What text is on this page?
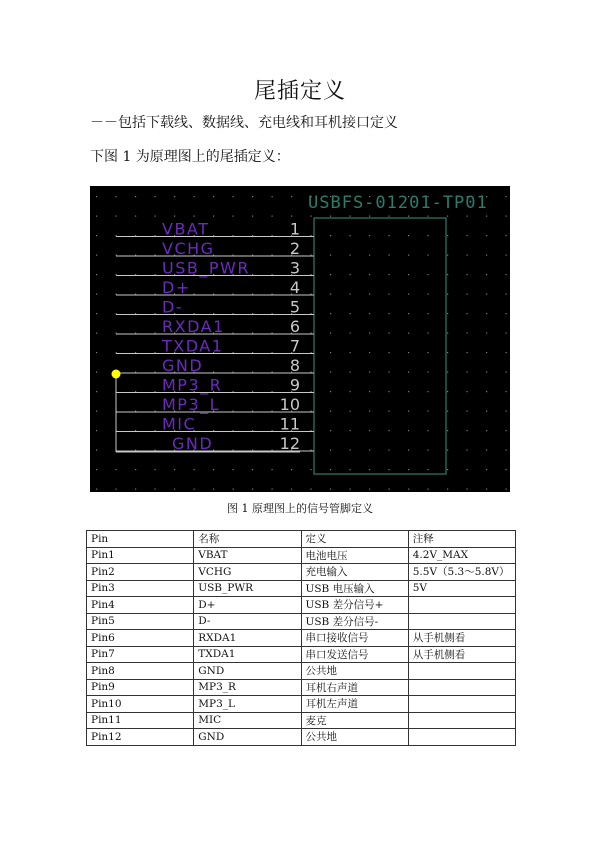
尾插定义
－－包括下载线、数据线、充电线和耳机接口定义
下图 1 为原理图上的尾插定义：
USBFS-01201-TP01
VBAT	1
VCHG	2
USB_PWR 3
D+	4
D-	5
RXDA1	6
TXDA1	7
GND	8
MP3_R	9
MP3_L	10
MIC	11
GND	12
图 1 原理图上的信号管脚定义
Pin	名称	定义	注释
Pin1	VBAT	电池电压	4.2V_MAX
Pin2	VCHG	充电输入	5.5V（5.3～5.8V）
Pin3	USB_PWR	USB 电压输入	5V
Pin4	D+	USB 差分信号+	
Pin5	D-	USB 差分信号-	
Pin6	RXDA1	串口接收信号	从手机侧看
Pin7	TXDA1	串口发送信号	从手机侧看
Pin8	GND	公共地	
Pin9	MP3_R	耳机右声道	
Pin10	MP3_L	耳机左声道	
Pin11	MIC	麦克	
Pin12	GND	公共地	
